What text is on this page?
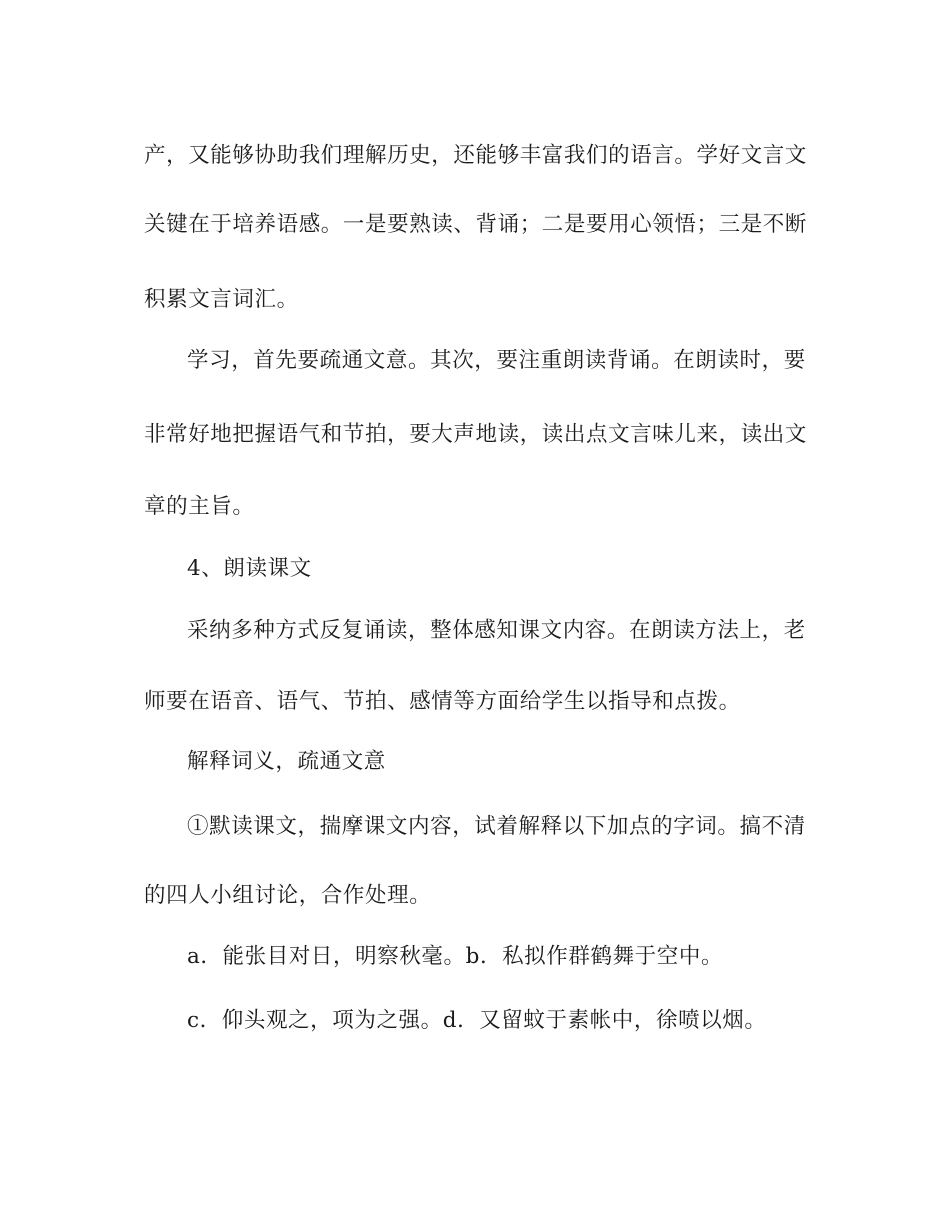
产，又能够协助我们理解历史，还能够丰富我们的语言。学好文言文
关键在于培养语感。一是要熟读、背诵；二是要用心领悟；三是不断
积累文言词汇。
学习，首先要疏通文意。其次，要注重朗读背诵。在朗读时，要
非常好地把握语气和节拍，要大声地读，读出点文言味儿来，读出文
章的主旨。
4、朗读课文
采纳多种方式反复诵读，整体感知课文内容。在朗读方法上，老
师要在语音、语气、节拍、感情等方面给学生以指导和点拨。
解释词义，疏通文意
①默读课文，揣摩课文内容，试着解释以下加点的字词。搞不清
的四人小组讨论，合作处理。
a．能张目对日，明察秋毫。b．私拟作群鹤舞于空中。
c．仰头观之，项为之强。d．又留蚊于素帐中，徐喷以烟。
